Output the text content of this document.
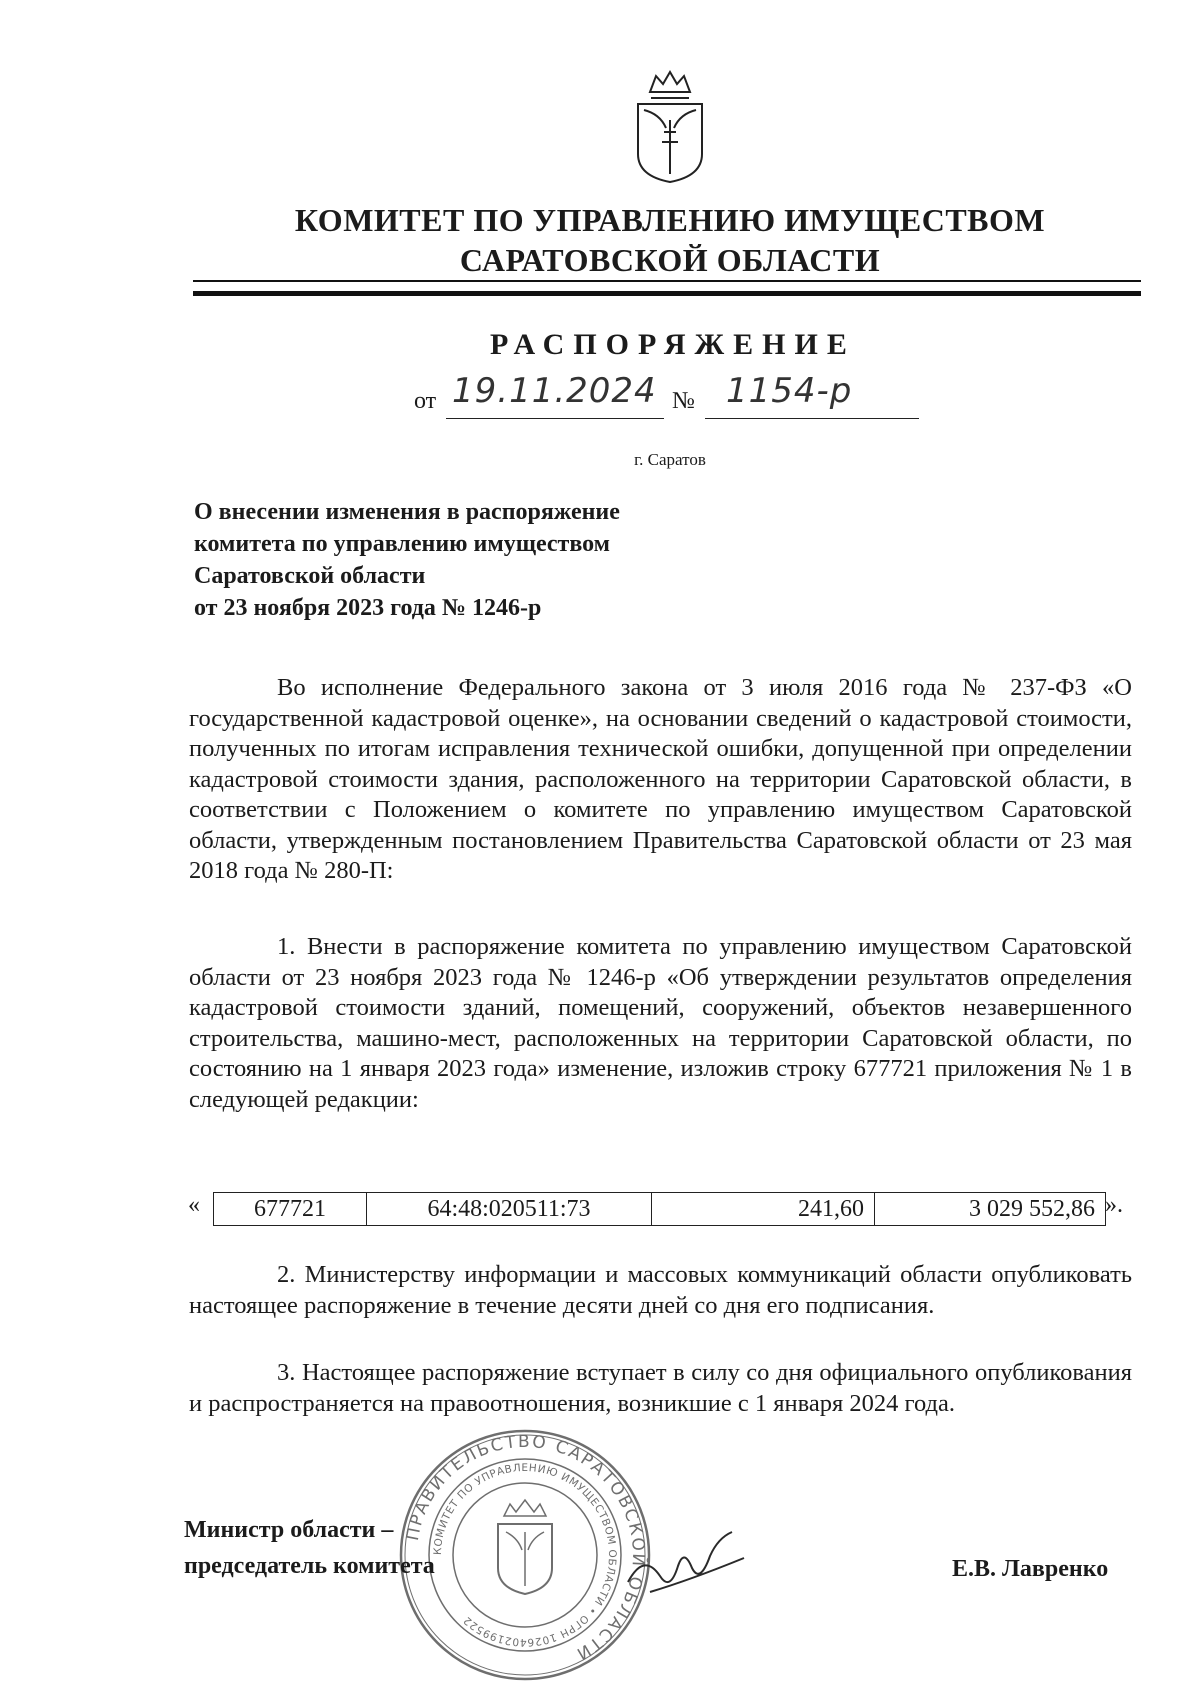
КОМИТЕТ ПО УПРАВЛЕНИЮ ИМУЩЕСТВОМ
САРАТОВСКОЙ ОБЛАСТИ
РАСПОРЯЖЕНИЕ
от 19.11.2024 № 1154-р
г. Саратов
О внесении изменения в распоряжение
комитета по управлению имуществом
Саратовской области
от 23 ноября 2023 года № 1246-р
Во исполнение Федерального закона от 3 июля 2016 года № 237-ФЗ «О государственной кадастровой оценке», на основании сведений о кадастровой стоимости, полученных по итогам исправления технической ошибки, допущенной при определении кадастровой стоимости здания, расположенного на территории Саратовской области, в соответствии с Положением о комитете по управлению имуществом Саратовской области, утвержденным постановлением Правительства Саратовской области от 23 мая 2018 года № 280-П:
1. Внести в распоряжение комитета по управлению имуществом Саратовской области от 23 ноября 2023 года № 1246-р «Об утверждении результатов определения кадастровой стоимости зданий, помещений, сооружений, объектов незавершенного строительства, машино-мест, расположенных на территории Саратовской области, по состоянию на 1 января 2023 года» изменение, изложив строку 677721 приложения № 1 в следующей редакции:
« 677721	64:48:020511:73	241,60	3 029 552,86 ».
2. Министерству информации и массовых коммуникаций области опубликовать настоящее распоряжение в течение десяти дней со дня его подписания.
3. Настоящее распоряжение вступает в силу со дня официального опубликования и распространяется на правоотношения, возникшие с 1 января 2024 года.
ПРАВИТЕЛЬСТВО САРАТОВСКОЙ ОБЛАСТИ
КОМИТЕТ ПО УПРАВЛЕНИЮ ИМУЩЕСТВОМ ОБЛАСТИ • ОГРН 1026402199522
Министр области –
председатель комитета	Е.В. Лавренко
